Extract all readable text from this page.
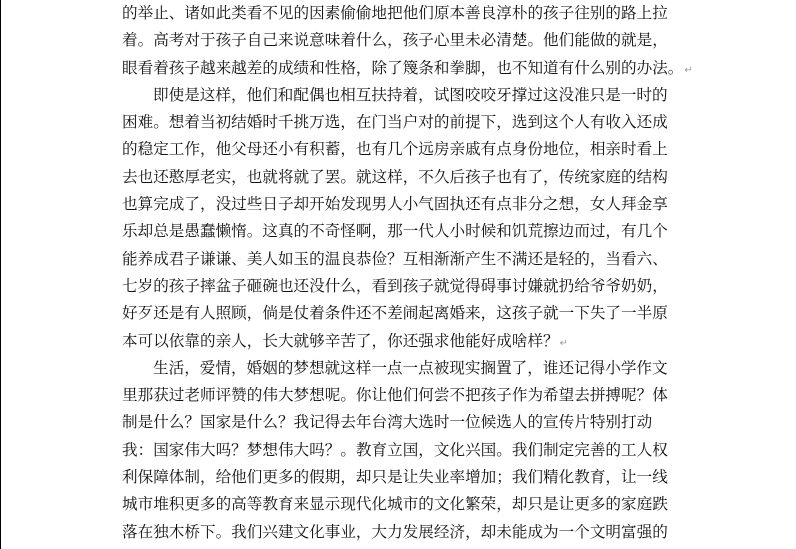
的举止、诸如此类看不见的因素偷偷地把他们原本善良淳朴的孩子往别的路上拉
着。高考对于孩子自己来说意味着什么，孩子心里未必清楚。他们能做的就是，
眼看着孩子越来越差的成绩和性格，除了篾条和拳脚，也不知道有什么别的办法。↵
即使是这样，他们和配偶也相互扶持着，试图咬咬牙撑过这没准只是一时的
困难。想着当初结婚时千挑万选，在门当户对的前提下，选到这个人有收入还成
的稳定工作，他父母还小有积蓄，也有几个远房亲戚有点身份地位，相亲时看上
去也还憨厚老实，也就将就了罢。就这样，不久后孩子也有了，传统家庭的结构
也算完成了，没过些日子却开始发现男人小气固执还有点非分之想，女人拜金享
乐却总是愚蠢懒惰。这真的不奇怪啊，那一代人小时候和饥荒擦边而过，有几个
能养成君子谦谦、美人如玉的温良恭俭？互相渐渐产生不满还是轻的，当看六、
七岁的孩子摔盆子砸碗也还没什么，看到孩子就觉得碍事讨嫌就扔给爷爷奶奶，
好歹还是有人照顾，倘是仗着条件还不差闹起离婚来，这孩子就一下失了一半原
本可以依靠的亲人，长大就够辛苦了，你还强求他能好成啥样？↵
生活，爱情，婚姻的梦想就这样一点一点被现实搁置了，谁还记得小学作文
里那获过老师评赞的伟大梦想呢。你让他们何尝不把孩子作为希望去拼搏呢？体
制是什么？国家是什么？我记得去年台湾大选时一位候选人的宣传片特别打动
我：国家伟大吗？梦想伟大吗？。教育立国，文化兴国。我们制定完善的工人权
利保障体制，给他们更多的假期，却只是让失业率增加；我们精化教育，让一线
城市堆积更多的高等教育来显示现代化城市的文化繁荣，却只是让更多的家庭跌
落在独木桥下。我们兴建文化事业，大力发展经济，却未能成为一个文明富强的
